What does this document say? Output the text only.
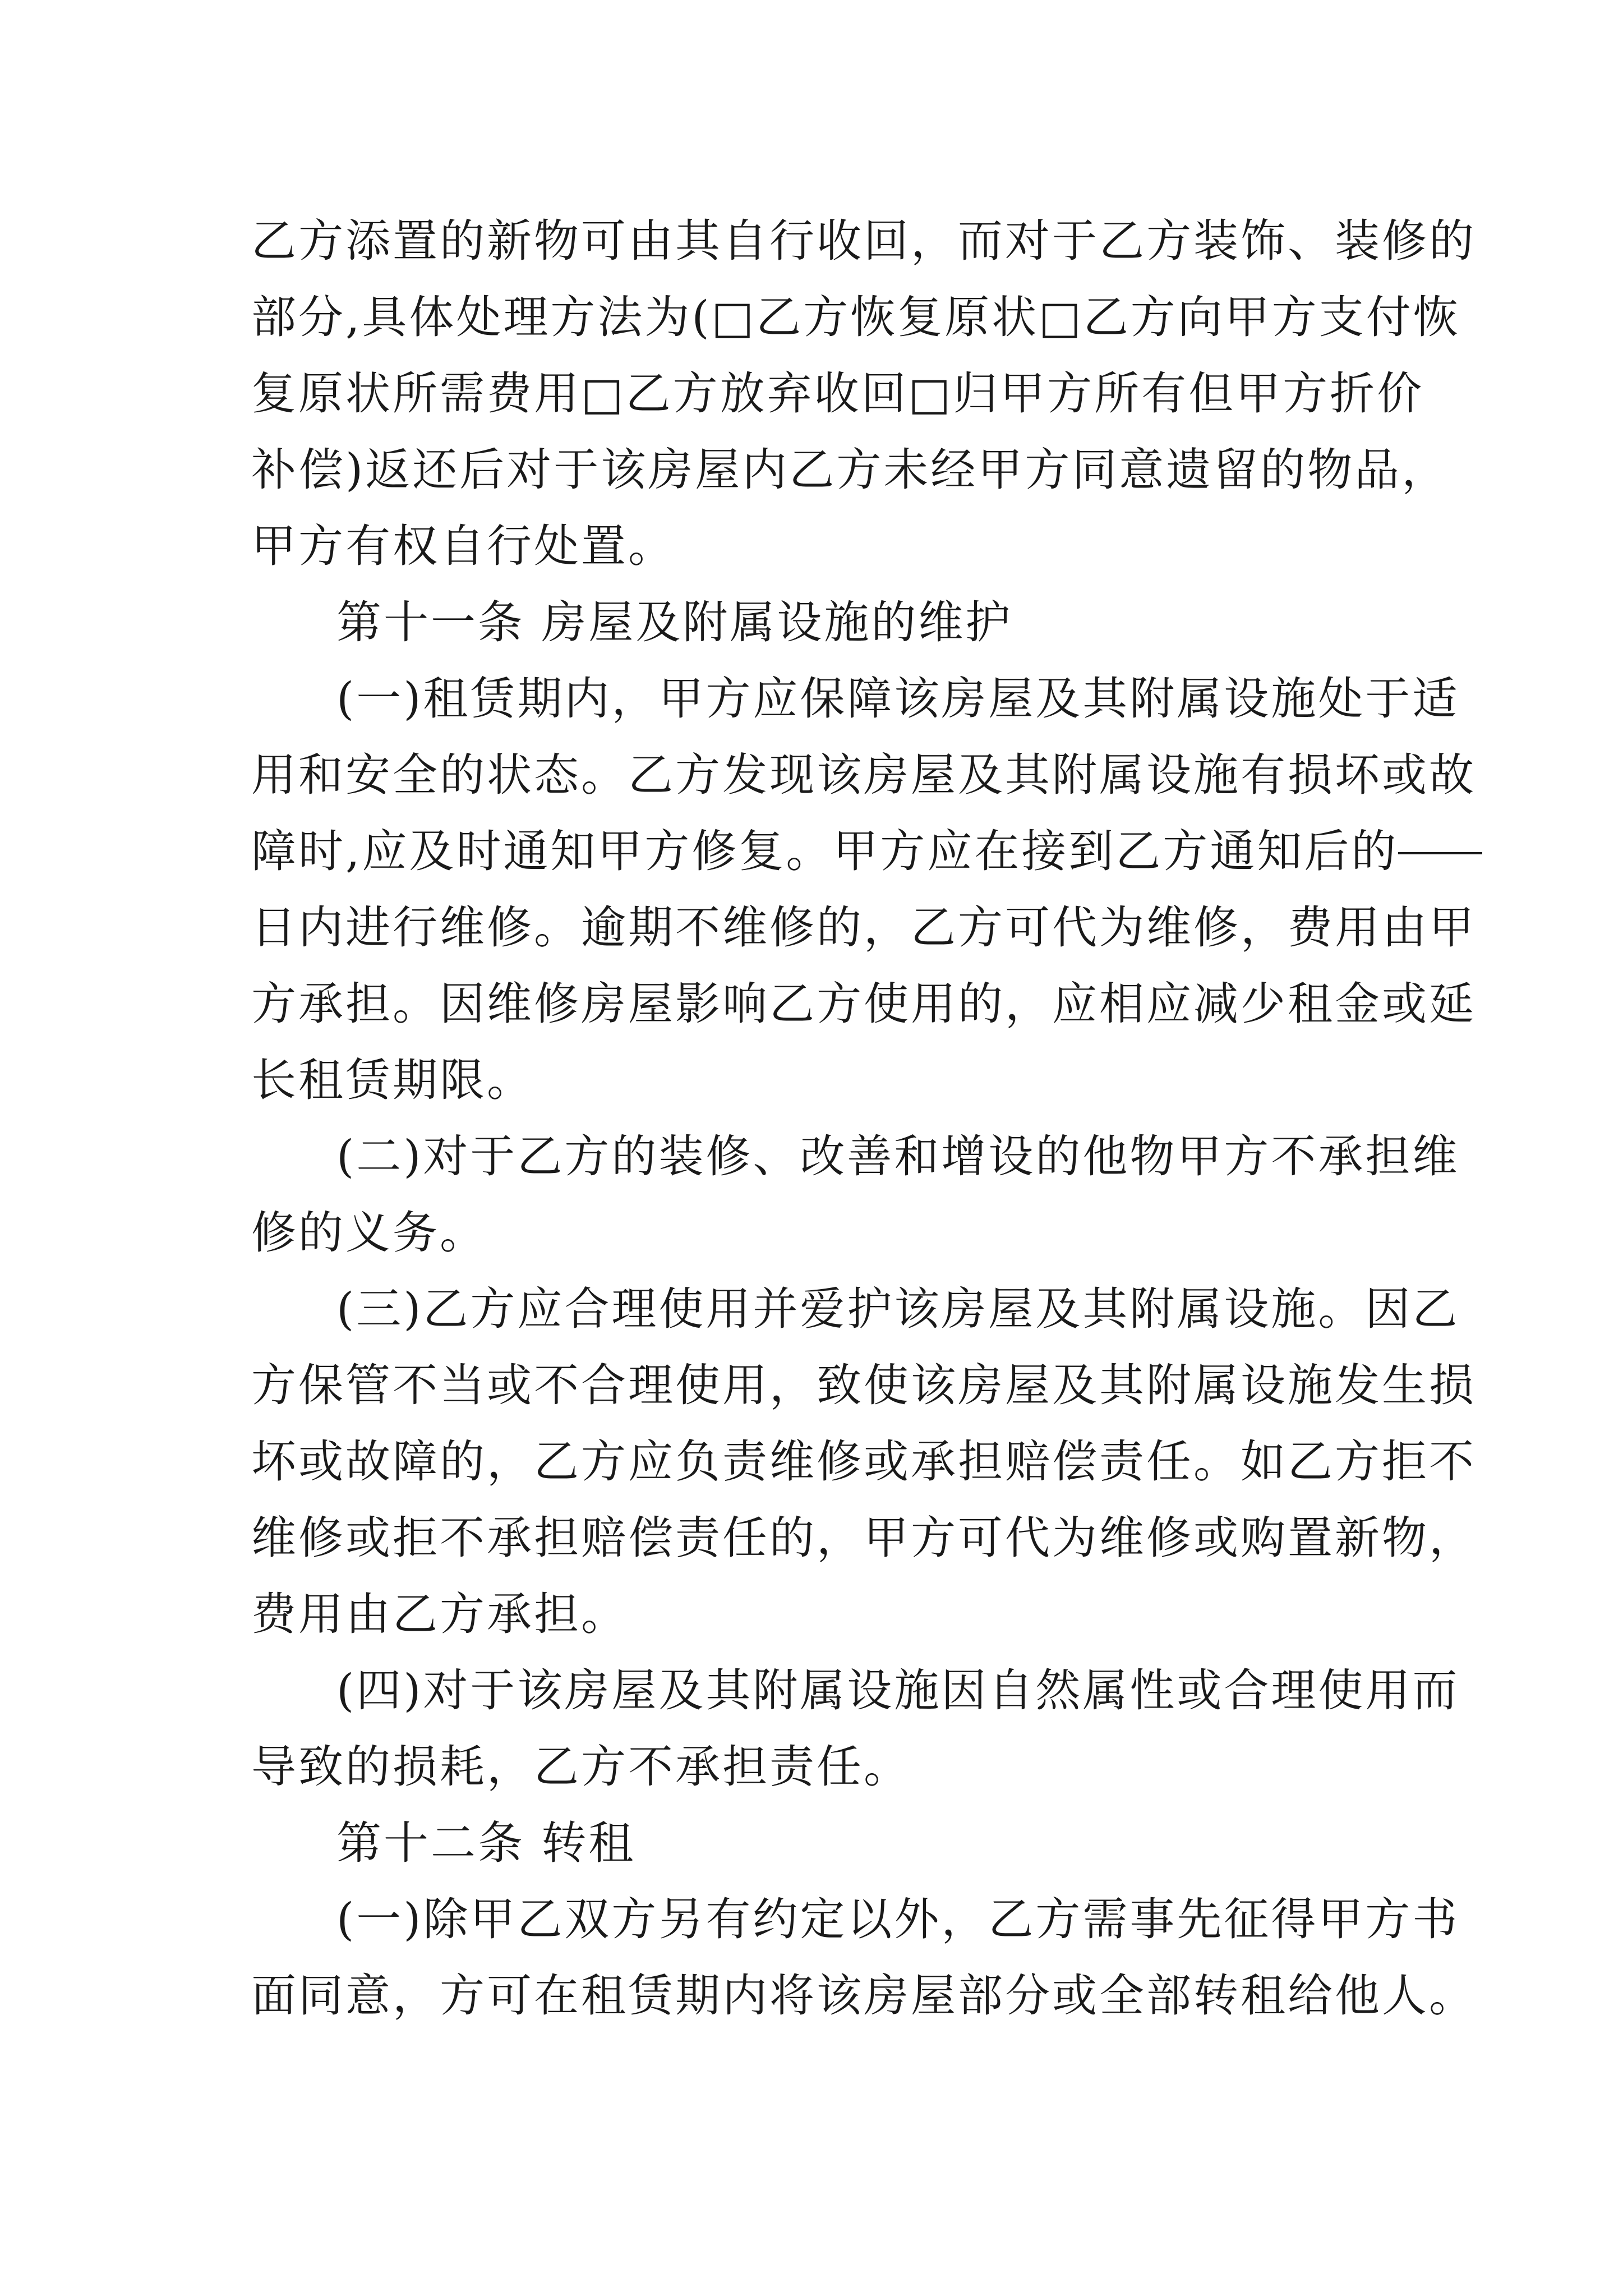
乙方添置的新物可由其自行收回，而对于乙方装饰、装修的
部分,具体处理方法为(□乙方恢复原状□乙方向甲方支付恢
复原状所需费用□乙方放弃收回□归甲方所有但甲方折价
补偿)返还后对于该房屋内乙方未经甲方同意遗留的物品，
甲方有权自行处置。
第十一条 房屋及附属设施的维护
(一)租赁期内，甲方应保障该房屋及其附属设施处于适
用和安全的状态。乙方发现该房屋及其附属设施有损坏或故
障时,应及时通知甲方修复。甲方应在接到乙方通知后的
日内进行维修。逾期不维修的，乙方可代为维修，费用由甲
方承担。因维修房屋影响乙方使用的，应相应减少租金或延
长租赁期限。
(二)对于乙方的装修、改善和增设的他物甲方不承担维
修的义务。
(三)乙方应合理使用并爱护该房屋及其附属设施。因乙
方保管不当或不合理使用，致使该房屋及其附属设施发生损
坏或故障的，乙方应负责维修或承担赔偿责任。如乙方拒不
维修或拒不承担赔偿责任的，甲方可代为维修或购置新物，
费用由乙方承担。
(四)对于该房屋及其附属设施因自然属性或合理使用而
导致的损耗，乙方不承担责任。
第十二条 转租
(一)除甲乙双方另有约定以外，乙方需事先征得甲方书
面同意，方可在租赁期内将该房屋部分或全部转租给他人。
